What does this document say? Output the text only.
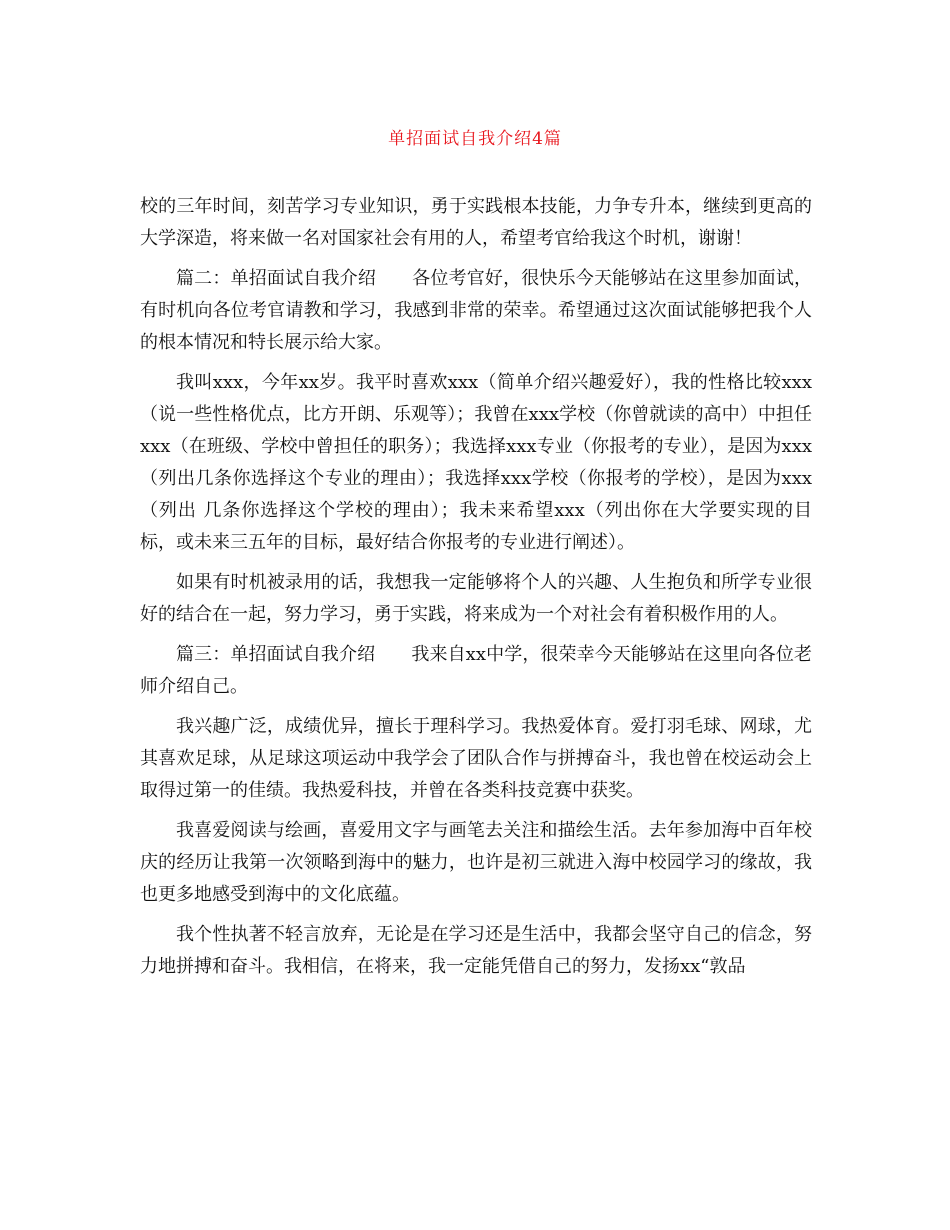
单招面试自我介绍4篇

校的三年时间，刻苦学习专业知识，勇于实践根本技能，力争专升本，继续到更高的大学深造，将来做一名对国家社会有用的人，希望考官给我这个时机，谢谢！

篇二：单招面试自我介绍 各位考官好，很快乐今天能够站在这里参加面试，有时机向各位考官请教和学习，我感到非常的荣幸。希望通过这次面试能够把我个人的根本情况和特长展示给大家。

我叫xxx，今年xx岁。我平时喜欢xxx（简单介绍兴趣爱好），我的性格比较xxx（说一些性格优点，比方开朗、乐观等）；我曾在xxx学校（你曾就读的高中）中担任xxx（在班级、学校中曾担任的职务）；我选择xxx专业（你报考的专业），是因为xxx（列出几条你选择这个专业的理由）；我选择xxx学校（你报考的学校），是因为xxx（列出 几条你选择这个学校的理由）；我未来希望xxx（列出你在大学要实现的目标，或未来三五年的目标，最好结合你报考的专业进行阐述）。

如果有时机被录用的话，我想我一定能够将个人的兴趣、人生抱负和所学专业很好的结合在一起，努力学习，勇于实践，将来成为一个对社会有着积极作用的人。

篇三：单招面试自我介绍 我来自xx中学，很荣幸今天能够站在这里向各位老师介绍自己。

我兴趣广泛，成绩优异，擅长于理科学习。我热爱体育。爱打羽毛球、网球，尤其喜欢足球，从足球这项运动中我学会了团队合作与拼搏奋斗，我也曾在校运动会上取得过第一的佳绩。我热爱科技，并曾在各类科技竞赛中获奖。

我喜爱阅读与绘画，喜爱用文字与画笔去关注和描绘生活。去年参加海中百年校庆的经历让我第一次领略到海中的魅力，也许是初三就进入海中校园学习的缘故，我也更多地感受到海中的文化底蕴。

我个性执著不轻言放弃，无论是在学习还是生活中，我都会坚守自己的信念，努力地拼搏和奋斗。我相信，在将来，我一定能凭借自己的努力，发扬xx“敦品
